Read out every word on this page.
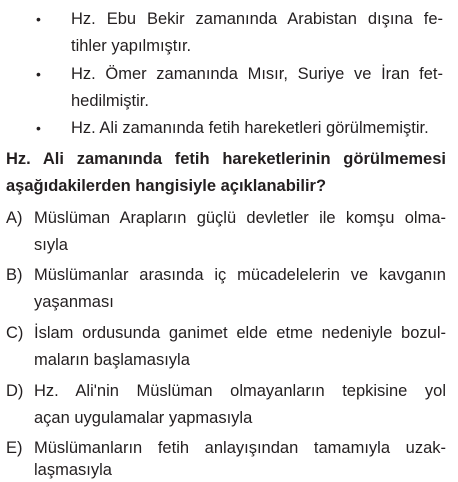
• Hz. Ebu Bekir zamanında Arabistan dışına fe-
tihler yapılmıştır.
• Hz. Ömer zamanında Mısır, Suriye ve İran fet-
hedilmiştir.
• Hz. Ali zamanında fetih hareketleri görülmemiştir.
Hz. Ali zamanında fetih hareketlerinin görülmemesi
aşağıdakilerden hangisiyle açıklanabilir?
A) Müslüman Arapların güçlü devletler ile komşu olma-
sıyla
B) Müslümanlar arasında iç mücadelelerin ve kavganın
yaşanması
C) İslam ordusunda ganimet elde etme nedeniyle bozul-
maların başlamasıyla
D) Hz. Ali'nin Müslüman olmayanların tepkisine yol
açan uygulamalar yapmasıyla
E) Müslümanların fetih anlayışından tamamıyla uzak-
laşmasıyla
